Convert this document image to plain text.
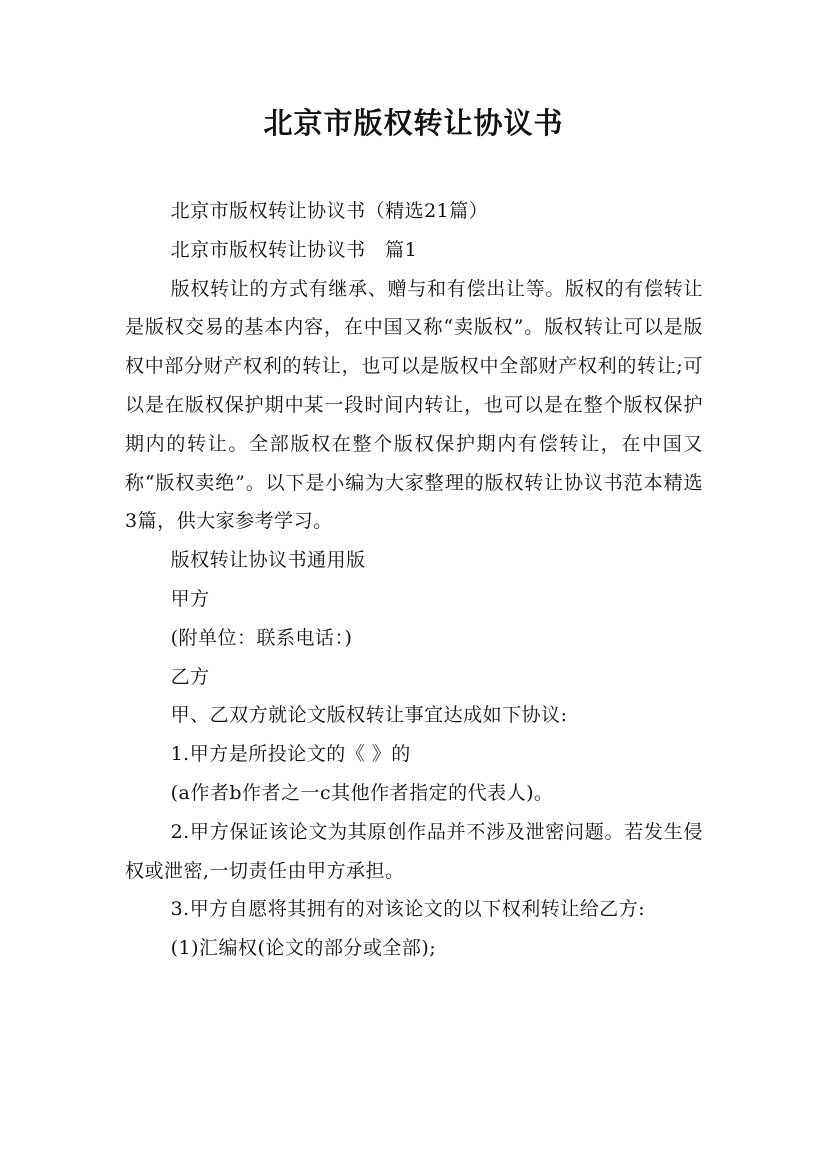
北京市版权转让协议书

北京市版权转让协议书（精选21篇）

北京市版权转让协议书　篇1

版权转让的方式有继承、赠与和有偿出让等。版权的有偿转让是版权交易的基本内容，在中国又称“卖版权”。版权转让可以是版权中部分财产权利的转让，也可以是版权中全部财产权利的转让;可以是在版权保护期中某一段时间内转让，也可以是在整个版权保护期内的转让。全部版权在整个版权保护期内有偿转让，在中国又称“版权卖绝”。以下是小编为大家整理的版权转让协议书范本精选3篇，供大家参考学习。

版权转让协议书通用版

甲方

(附单位：联系电话：)

乙方

甲、乙双方就论文版权转让事宜达成如下协议:

1.甲方是所投论文的《 》的

(a作者b作者之一c其他作者指定的代表人)。

2.甲方保证该论文为其原创作品并不涉及泄密问题。若发生侵权或泄密,一切责任由甲方承担。

3.甲方自愿将其拥有的对该论文的以下权利转让给乙方:

(1)汇编权(论文的部分或全部);
